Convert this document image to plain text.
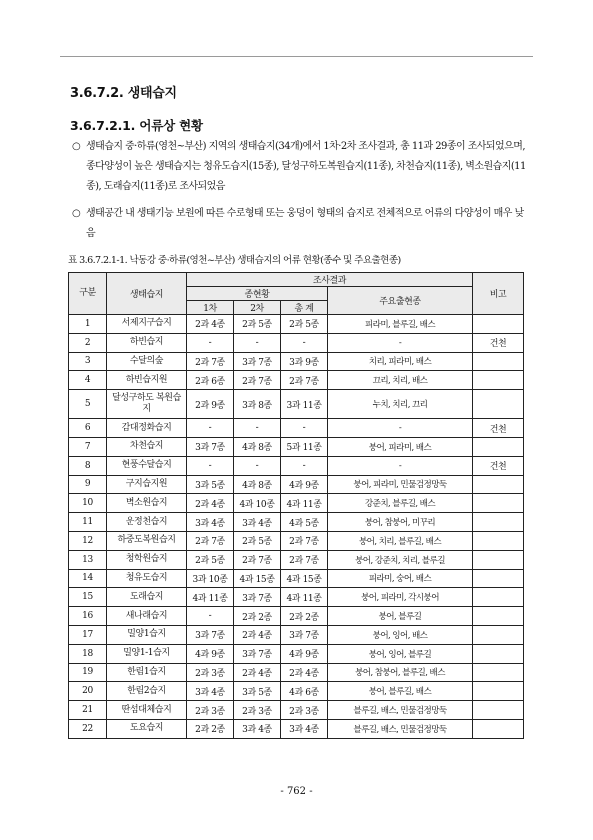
3.6.7.2. 생태습지
3.6.7.2.1. 어류상 현황
○ 생태습지 중·하류(영천~부산) 지역의 생태습지(34개)에서 1차·2차 조사결과, 총 11과 29종이 조사되었으며, 종다양성이 높은 생태습지는 청유도습지(15종), 달성구하도복원습지(11종), 차천습지(11종), 벽소원습지(11종), 도래습지(11종)로 조사되었음
○ 생태공간 내 생태기능 보원에 따른 수로형태 또는 웅덩이 형태의 습지로 전체적으로 어류의 다양성이 매우 낮음
표 3.6.7.2.1-1. 낙동강 중·하류(영천~부산) 생태습지의 어류 현황(종수 및 주요출현종)
구분	생태습지	조사결과				비고
		종현황			주요출현종	
		1차	2차	총 계		
1	서제지구습지	2과 4종	2과 5종	2과 5종	피라미, 블루길, 배스	
2	하빈습지	-	-	-	-	건천
3	수달의숲	2과 7종	3과 7종	3과 9종	치리, 피라미, 배스	
4	하빈습지원	2과 6종	2과 7종	2과 7종	끄리, 치리, 배스	
5	달성구하도 복원습지	2과 9종	3과 8종	3과 11종	누치, 치리, 끄리	
6	감대정화습지	-	-	-	-	건천
7	차천습지	3과 7종	4과 8종	5과 11종	붕어, 피라미, 배스	
8	현풍수달습지	-	-	-	-	건천
9	구지습지원	3과 5종	4과 8종	4과 9종	붕어, 피라미, 민물검정망둑	
10	벽소원습지	2과 4종	4과 10종	4과 11종	강준치, 블루길, 배스	
11	운정천습지	3과 4종	3과 4종	4과 5종	붕어, 참붕어, 미꾸리	
12	하중도복원습지	2과 7종	2과 5종	2과 7종	붕어, 치리, 블루길, 배스	
13	청학원습지	2과 5종	2과 7종	2과 7종	붕어, 강준치, 치리, 블루길	
14	청유도습지	3과 10종	4과 15종	4과 15종	피라미, 숭어, 배스	
15	도래습지	4과 11종	3과 7종	4과 11종	붕어, 피라미, 각시붕어	
16	새나래습지	-	2과 2종	2과 2종	붕어, 블루길	
17	밀양1습지	3과 7종	2과 4종	3과 7종	붕어, 잉어, 배스	
18	밀양1-1습지	4과 9종	3과 7종	4과 9종	붕어, 잉어, 블루길	
19	한림1습지	2과 3종	2과 4종	2과 4종	붕어, 참붕어, 블루길, 배스	
20	한림2습지	3과 4종	3과 5종	4과 6종	붕어, 블루길, 배스	
21	딴섬대체습지	2과 3종	2과 3종	2과 3종	블루길, 배스, 민물검정망둑	
22	도요습지	2과 2종	3과 4종	3과 4종	블루길, 배스, 민물검정망둑	
- 762 -
